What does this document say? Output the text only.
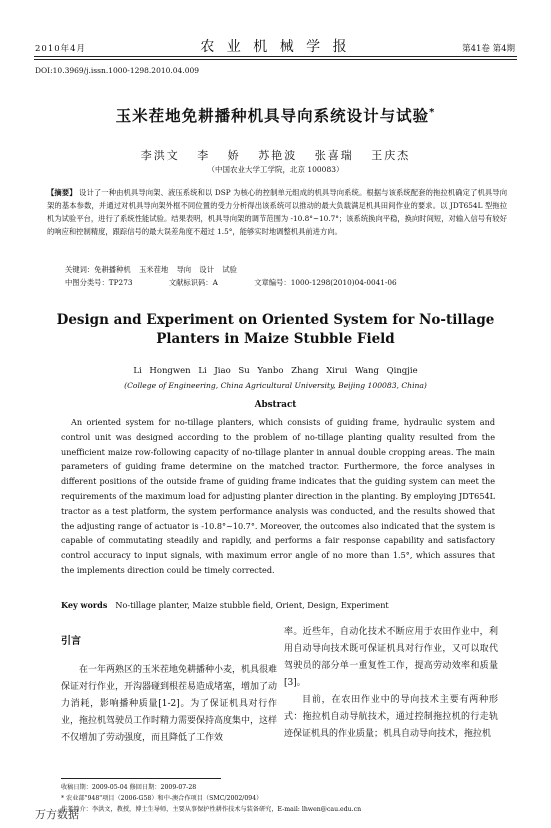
2010年4月	农 业 机 械 学 报	第41卷 第4期
DOI:10.3969/j.issn.1000-1298.2010.04.009
玉米茬地免耕播种机具导向系统设计与试验*
李洪文 李 娇 苏艳波 张喜瑞 王庆杰
（中国农业大学工学院，北京 100083）
【摘要】 设计了一种由机具导向架、液压系统和以 DSP 为核心的控制单元组成的机具导向系统。根据与该系统配套的拖拉机确定了机具导向架的基本参数，并通过对机具导向架外框不同位置的受力分析得出该系统可以推动的最大负载满足机具田间作业的要求。以 JDT654L 型拖拉机为试验平台，进行了系统性能试验。结果表明，机具导向架的调节范围为 -10.8°~10.7°；该系统换向平稳，换向时间短，对输入信号有较好的响应和控制精度，跟踪信号的最大误差角度不超过 1.5°，能够实时地调整机具前进方向。
关键词：免耕播种机 玉米茬地 导向 设计 试验
中图分类号：TP273	文献标识码：A	文章编号：1000-1298(2010)04-0041-06
Design and Experiment on Oriented System for No-tillage
Planters in Maize Stubble Field
Li Hongwen Li Jiao Su Yanbo Zhang Xirui Wang Qingjie
(College of Engineering, China Agricultural University, Beijing 100083, China)
Abstract
An oriented system for no-tillage planters, which consists of guiding frame, hydraulic system and control unit was designed according to the problem of no-tillage planting quality resulted from the unefficient maize row-following capacity of no-tillage planter in annual double cropping areas. The main parameters of guiding frame determine on the matched tractor. Furthermore, the force analyses in different positions of the outside frame of guiding frame indicates that the guiding system can meet the requirements of the maximum load for adjusting planter direction in the planting. By employing JDT654L tractor as a test platform, the system performance analysis was conducted, and the results showed that the adjusting range of actuator is -10.8°~10.7°. Moreover, the outcomes also indicated that the system is capable of commutating steadily and rapidly, and performs a fair response capability and satisfactory control accuracy to input signals, with maximum error angle of no more than 1.5°, which assures that the implements direction could be timely corrected.
Key words No-tillage planter, Maize stubble field, Orient, Design, Experiment
引言
在一年两熟区的玉米茬地免耕播种小麦，机具很难保证对行作业，开沟器碰到根茬易造成堵塞，增加了动力消耗，影响播种质量[1-2]。为了保证机具对行作业，拖拉机驾驶员工作时精力需要保持高度集中，这样不仅增加了劳动强度，而且降低了工作效
率。近些年，自动化技术不断应用于农田作业中，利用自动导向技术既可保证机具对行作业，又可以取代驾驶员的部分单一重复性工作，提高劳动效率和质量[3]。
目前，在农田作业中的导向技术主要有两种形式：拖拉机自动导航技术，通过控制拖拉机的行走轨迹保证机具的作业质量；机具自动导向技术，拖拉机
收稿日期：2009-05-04 修回日期：2009-07-28
* 农业部"948"项目（2006-G58）和中-澳合作项目（SMC/2002/094）
作者简介：李洪文，教授，博士生导师，主要从事保护性耕作技术与装备研究，E-mail: lhwen@cau.edu.cn
万方数据
